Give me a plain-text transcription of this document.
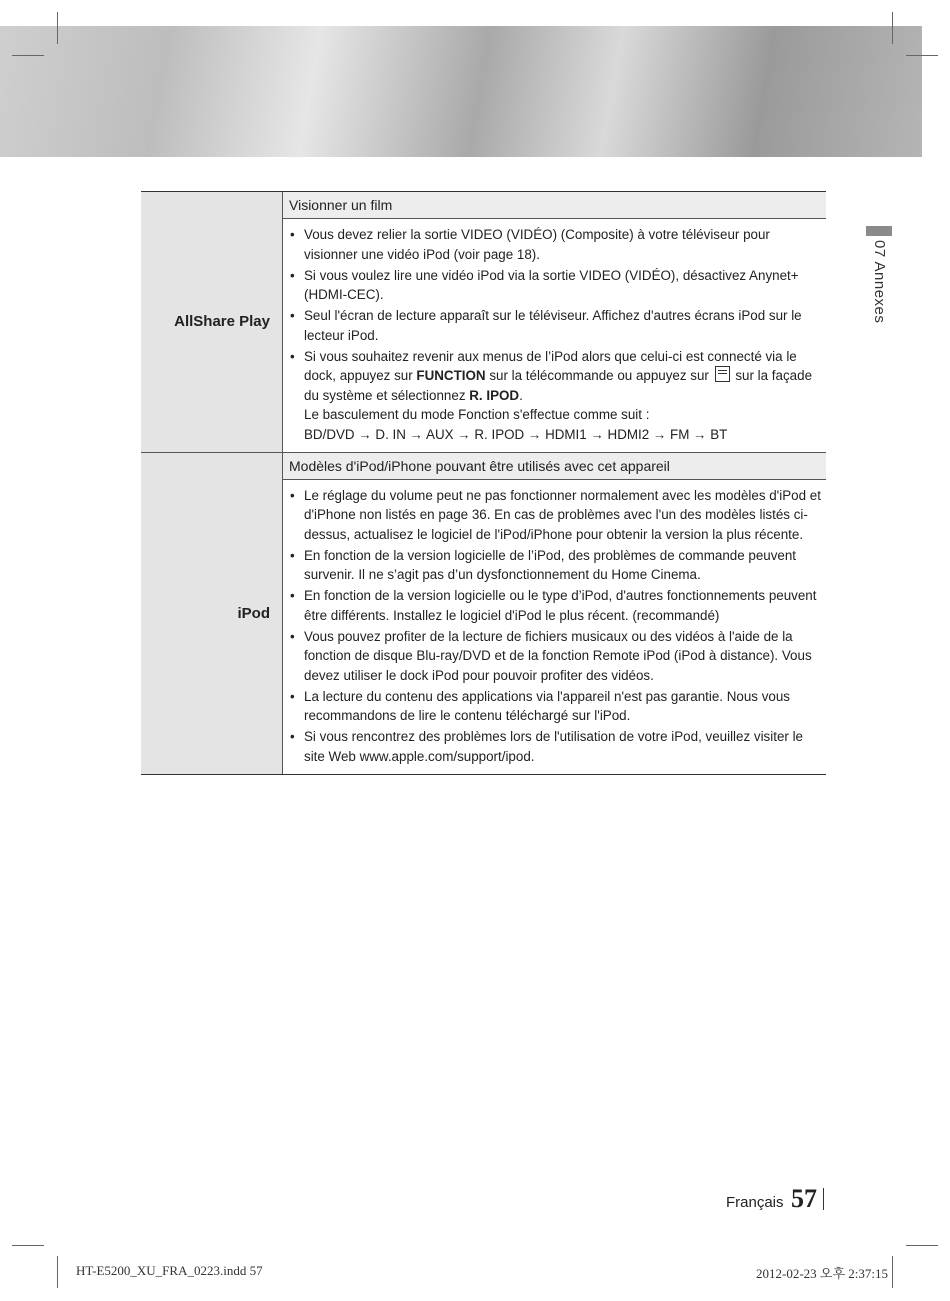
07 Annexes
AllShare Play
Visionner un film
• Vous devez relier la sortie VIDEO (VIDÉO) (Composite) à votre téléviseur pour visionner une vidéo iPod (voir page 18).
• Si vous voulez lire une vidéo iPod via la sortie VIDEO (VIDÉO), désactivez Anynet+ (HDMI-CEC).
• Seul l'écran de lecture apparaît sur le téléviseur. Affichez d'autres écrans iPod sur le lecteur iPod.
• Si vous souhaitez revenir aux menus de l’iPod alors que celui-ci est connecté via le dock, appuyez sur FUNCTION sur la télécommande ou appuyez sur  sur la façade du système et sélectionnez R. IPOD.
Le basculement du mode Fonction s'effectue comme suit :
BD/DVD → D. IN → AUX → R. IPOD → HDMI1 → HDMI2 → FM → BT
iPod
Modèles d'iPod/iPhone pouvant être utilisés avec cet appareil
• Le réglage du volume peut ne pas fonctionner normalement avec les modèles d'iPod et d'iPhone non listés en page 36. En cas de problèmes avec l'un des modèles listés ci-dessus, actualisez le logiciel de l'iPod/iPhone pour obtenir la version la plus récente.
• En fonction de la version logicielle de l’iPod, des problèmes de commande peuvent survenir. Il ne s’agit pas d’un dysfonctionnement du Home Cinema.
• En fonction de la version logicielle ou le type d’iPod, d'autres fonctionnements peuvent être différents. Installez le logiciel d'iPod le plus récent. (recommandé)
• Vous pouvez profiter de la lecture de fichiers musicaux ou des vidéos à l'aide de la fonction de disque Blu-ray/DVD et de la fonction Remote iPod (iPod à distance). Vous devez utiliser le dock iPod pour pouvoir profiter des vidéos.
• La lecture du contenu des applications via l'appareil n'est pas garantie. Nous vous recommandons de lire le contenu téléchargé sur l'iPod.
• Si vous rencontrez des problèmes lors de l'utilisation de votre iPod, veuillez visiter le site Web www.apple.com/support/ipod.
Français 57
HT-E5200_XU_FRA_0223.indd 57	2012-02-23 오후 2:37:15
